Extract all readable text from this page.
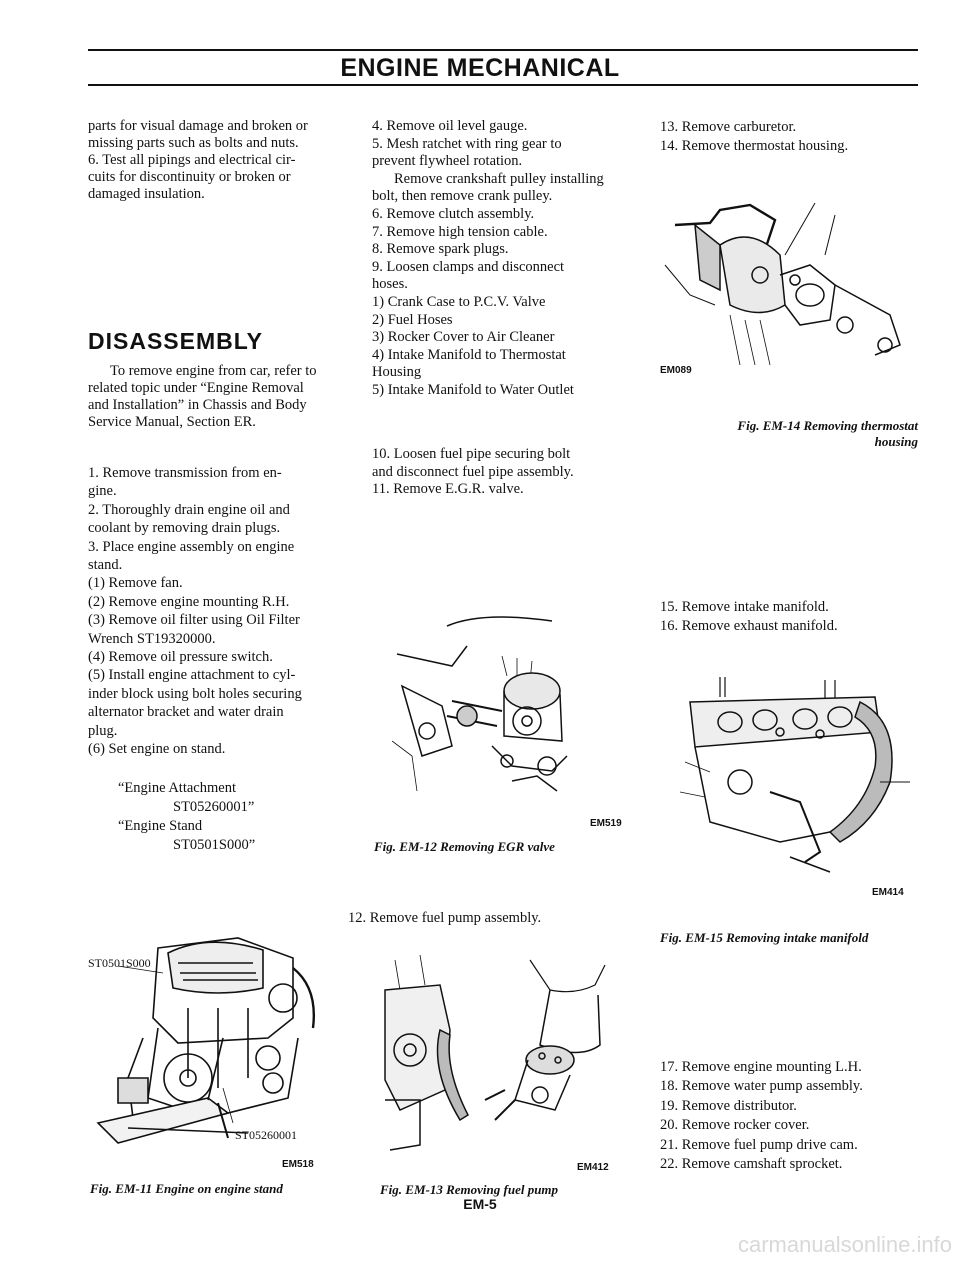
ENGINE MECHANICAL

parts for visual damage and broken or

missing parts such as bolts and nuts.

6. Test all pipings and electrical cir-

cuits for discontinuity or broken or

damaged insulation.

DISASSEMBLY

To remove engine from car, refer to

related topic under “Engine Removal

and Installation” in Chassis and Body

Service Manual, Section ER.

1. Remove transmission from en-

gine.

2. Thoroughly drain engine oil and

coolant by removing drain plugs.

3. Place engine assembly on engine

stand.

(1) Remove fan.

(2) Remove engine mounting R.H.

(3) Remove oil filter using Oil Filter

Wrench ST19320000.

(4) Remove oil pressure switch.

(5) Install engine attachment to cyl-

inder block using bolt holes securing

alternator bracket and water drain

plug.

(6) Set engine on stand.

“Engine Attachment

ST05260001”

“Engine Stand

ST0501S000”

ST0501S000
ST05260001
EM518
Fig. EM-11 Engine on engine stand

4. Remove oil level gauge.

5. Mesh ratchet with ring gear to

prevent flywheel rotation.

Remove crankshaft pulley installing

bolt, then remove crank pulley.

6. Remove clutch assembly.

7. Remove high tension cable.

8. Remove spark plugs.

9. Loosen clamps and disconnect

hoses.

1) Crank Case to P.C.V. Valve

2) Fuel Hoses

3) Rocker Cover to Air Cleaner

4) Intake Manifold to Thermostat

Housing

5) Intake Manifold to Water Outlet

10. Loosen fuel pipe securing bolt

and disconnect fuel pipe assembly.

11. Remove E.G.R. valve.

EM519
Fig. EM-12 Removing EGR valve
12. Remove fuel pump assembly.
EM412
Fig. EM-13 Removing fuel pump

13. Remove carburetor.

14. Remove thermostat housing.

EM089
Fig. EM-14 Removing thermostat
housing

15. Remove intake manifold.

16. Remove exhaust manifold.

EM414
Fig. EM-15 Removing intake manifold

17. Remove engine mounting L.H.

18. Remove water pump assembly.

19. Remove distributor.

20. Remove rocker cover.

21. Remove fuel pump drive cam.

22. Remove camshaft sprocket.

EM-5
carmanualsonline.info
